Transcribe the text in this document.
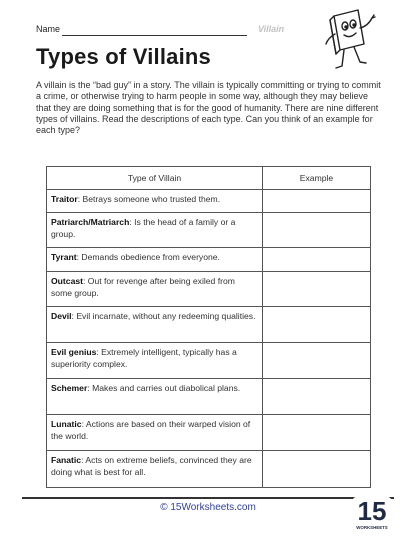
Name	Villain
Types of Villains
A villain is the “bad guy” in a story. The villain is typically committing or trying to commit a crime, or otherwise trying to harm people in some way, although they may believe that they are doing something that is for the good of humanity. There are nine different types of villains. Read the descriptions of each type. Can you think of an example for each type?
Type of Villain	Example
Traitor: Betrays someone who trusted them.	
Patriarch/Matriarch: Is the head of a family or a group.	
Tyrant: Demands obedience from everyone.	
Outcast: Out for revenge after being exiled from some group.	
Devil: Evil incarnate, without any redeeming qualities.	
Evil genius: Extremely intelligent, typically has a superiority complex.	
Schemer: Makes and carries out diabolical plans.	
Lunatic: Actions are based on their warped vision of the world.	
Fanatic: Acts on extreme beliefs, convinced they are doing what is best for all.	
© 15Worksheets.com	15
WORKSHEETS
